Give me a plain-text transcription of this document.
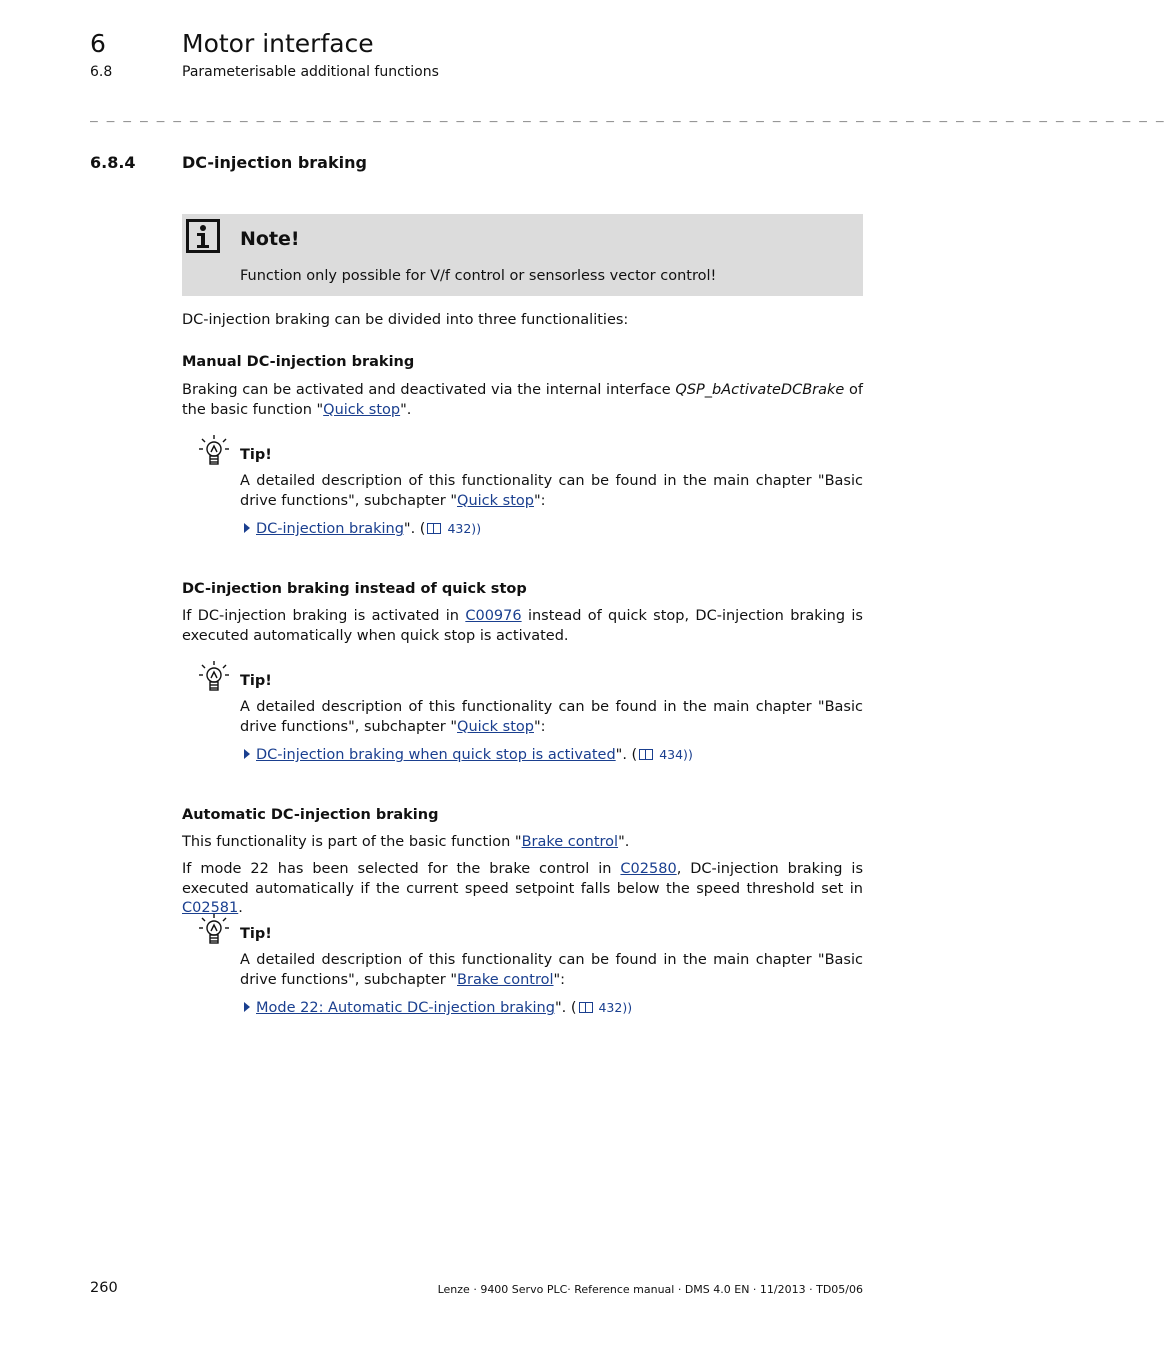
6	Motor interface
6.8	Parameterisable additional functions
_ _ _ _ _ _ _ _ _ _ _ _ _ _ _ _ _ _ _ _ _ _ _ _ _ _ _ _ _ _ _ _ _ _ _ _ _ _ _ _ _ _ _ _ _ _ _ _ _ _ _ _ _ _ _ _ _ _ _ _ _ _ _ _ _
6.8.4	DC-injection braking
Note!
Function only possible for V/f control or sensorless vector control!
DC-injection braking can be divided into three functionalities:
Manual DC-injection braking
Braking can be activated and deactivated via the internal interface QSP_bActivateDCBrake of the basic function "Quick stop".
Tip!
A detailed description of this functionality can be found in the main chapter "Basic drive functions", subchapter "Quick stop":
DC-injection braking". ( 432))
DC-injection braking instead of quick stop
If DC-injection braking is activated in C00976 instead of quick stop, DC-injection braking is executed automatically when quick stop is activated.
Tip!
A detailed description of this functionality can be found in the main chapter "Basic drive functions", subchapter "Quick stop":
DC-injection braking when quick stop is activated". ( 434))
Automatic DC-injection braking
This functionality is part of the basic function "Brake control".
If mode 22 has been selected for the brake control in C02580, DC-injection braking is executed automatically if the current speed setpoint falls below the speed threshold set in C02581.
Tip!
A detailed description of this functionality can be found in the main chapter "Basic drive functions", subchapter "Brake control":
Mode 22: Automatic DC-injection braking". ( 432))
260	Lenze · 9400 Servo PLC· Reference manual · DMS 4.0 EN · 11/2013 · TD05/06
